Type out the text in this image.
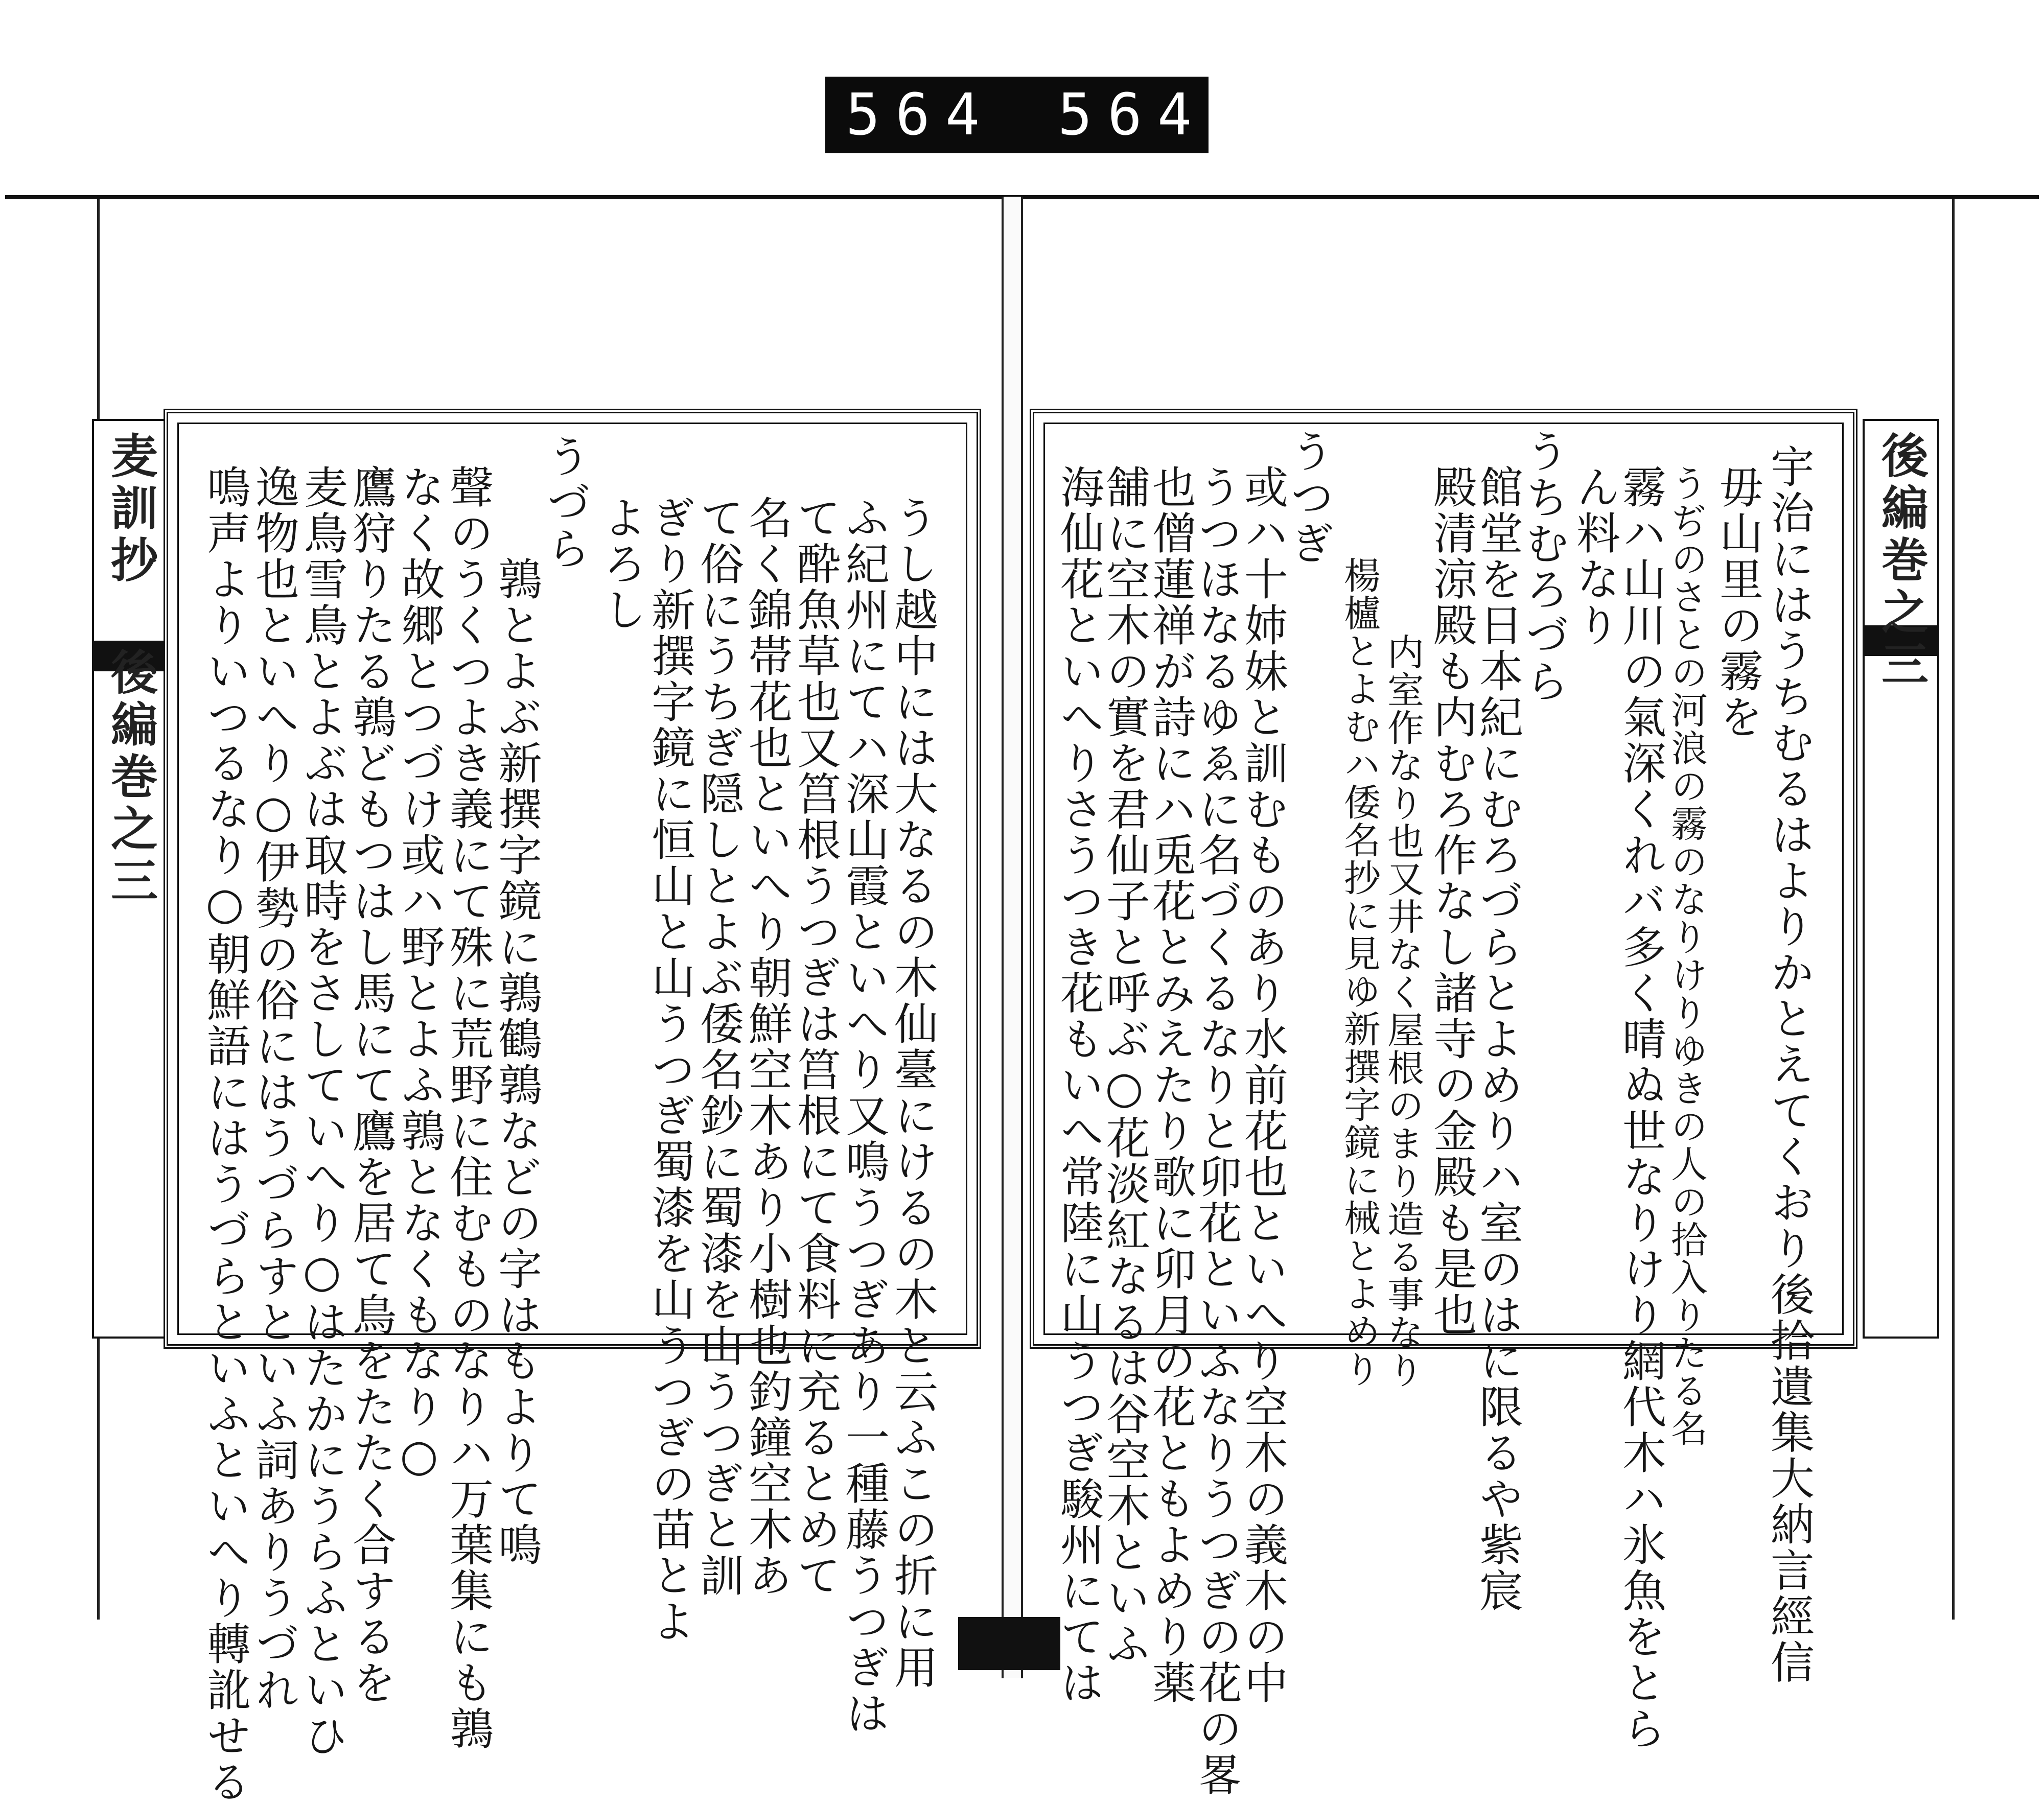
564 564.
麦訓抄 後編巻之三	後編巻之三
鳴声よりいつるなり○朝鮮語にはうづらといふといへり轉訛せる
逸物也といへり○伊勢の俗にはうづらすといふ詞ありうづれ
麦鳥雪鳥とよぶは取時をさしていへり○はたかにうらふといひ
鷹狩りたる鶉どもつはし馬にて鷹を居て鳥をたたく合するを
なく故郷とつづけ或ハ野とよふ鶉となくもなり○
聲のうくつよき義にて殊に荒野に住むものなりハ万葉集にも鶉
鶉とよぶ新撰字鏡に鶉鶴鶉などの字はもよりて鳴
うづら よろし
ぎり新撰字鏡に恒山と山うつぎ蜀漆を山うつぎの苗とよ
て俗にうちぎ隠しとよぶ倭名鈔に蜀漆を山うつぎと訓
名く錦帯花也といへり朝鮮空木あり小樹也釣鐘空木あ
て酔魚草也又筥根うつぎは筥根にて食料に充るとめて
ふ紀州にてハ深山霞といへり又鳴うつぎあり一種藤うつぎは
うし越中には大なるの木仙臺にけるの木と云ふこの折に用	海仙花といへりさうつき花もいへ常陸に山うつぎ駿州にては
舗に空木の實を君仙子と呼ぶ○花淡紅なるは谷空木といふ
也僧蓮禅が詩にハ兎花とみえたり歌に卯月の花ともよめり薬
うつほなるゆゑに名づくるなりと卯花といふなりうつぎの花の畧
或ハ十姉妹と訓むものあり水前花也といへり空木の義木の中
うつぎ
楊櫨とよむハ倭名抄に見ゆ新撰字鏡に械とよめり 内室作なり也又井なく屋根のまり造る事なり 殿清涼殿も内むろ作なし諸寺の金殿も是也
館堂を日本紀にむろづらとよめりハ室のはに限るや紫宸
うちむろづら ん料なり
霧ハ山川の氣深くれバ多く晴ぬ世なりけり網代木ハ氷魚をとら
うぢのさとの河浪の霧のなりけりゆきの人の拾入りたる名 毋山里の霧を 宇治にはうちむるはよりかとえてくおり後拾遺集大納言經信
